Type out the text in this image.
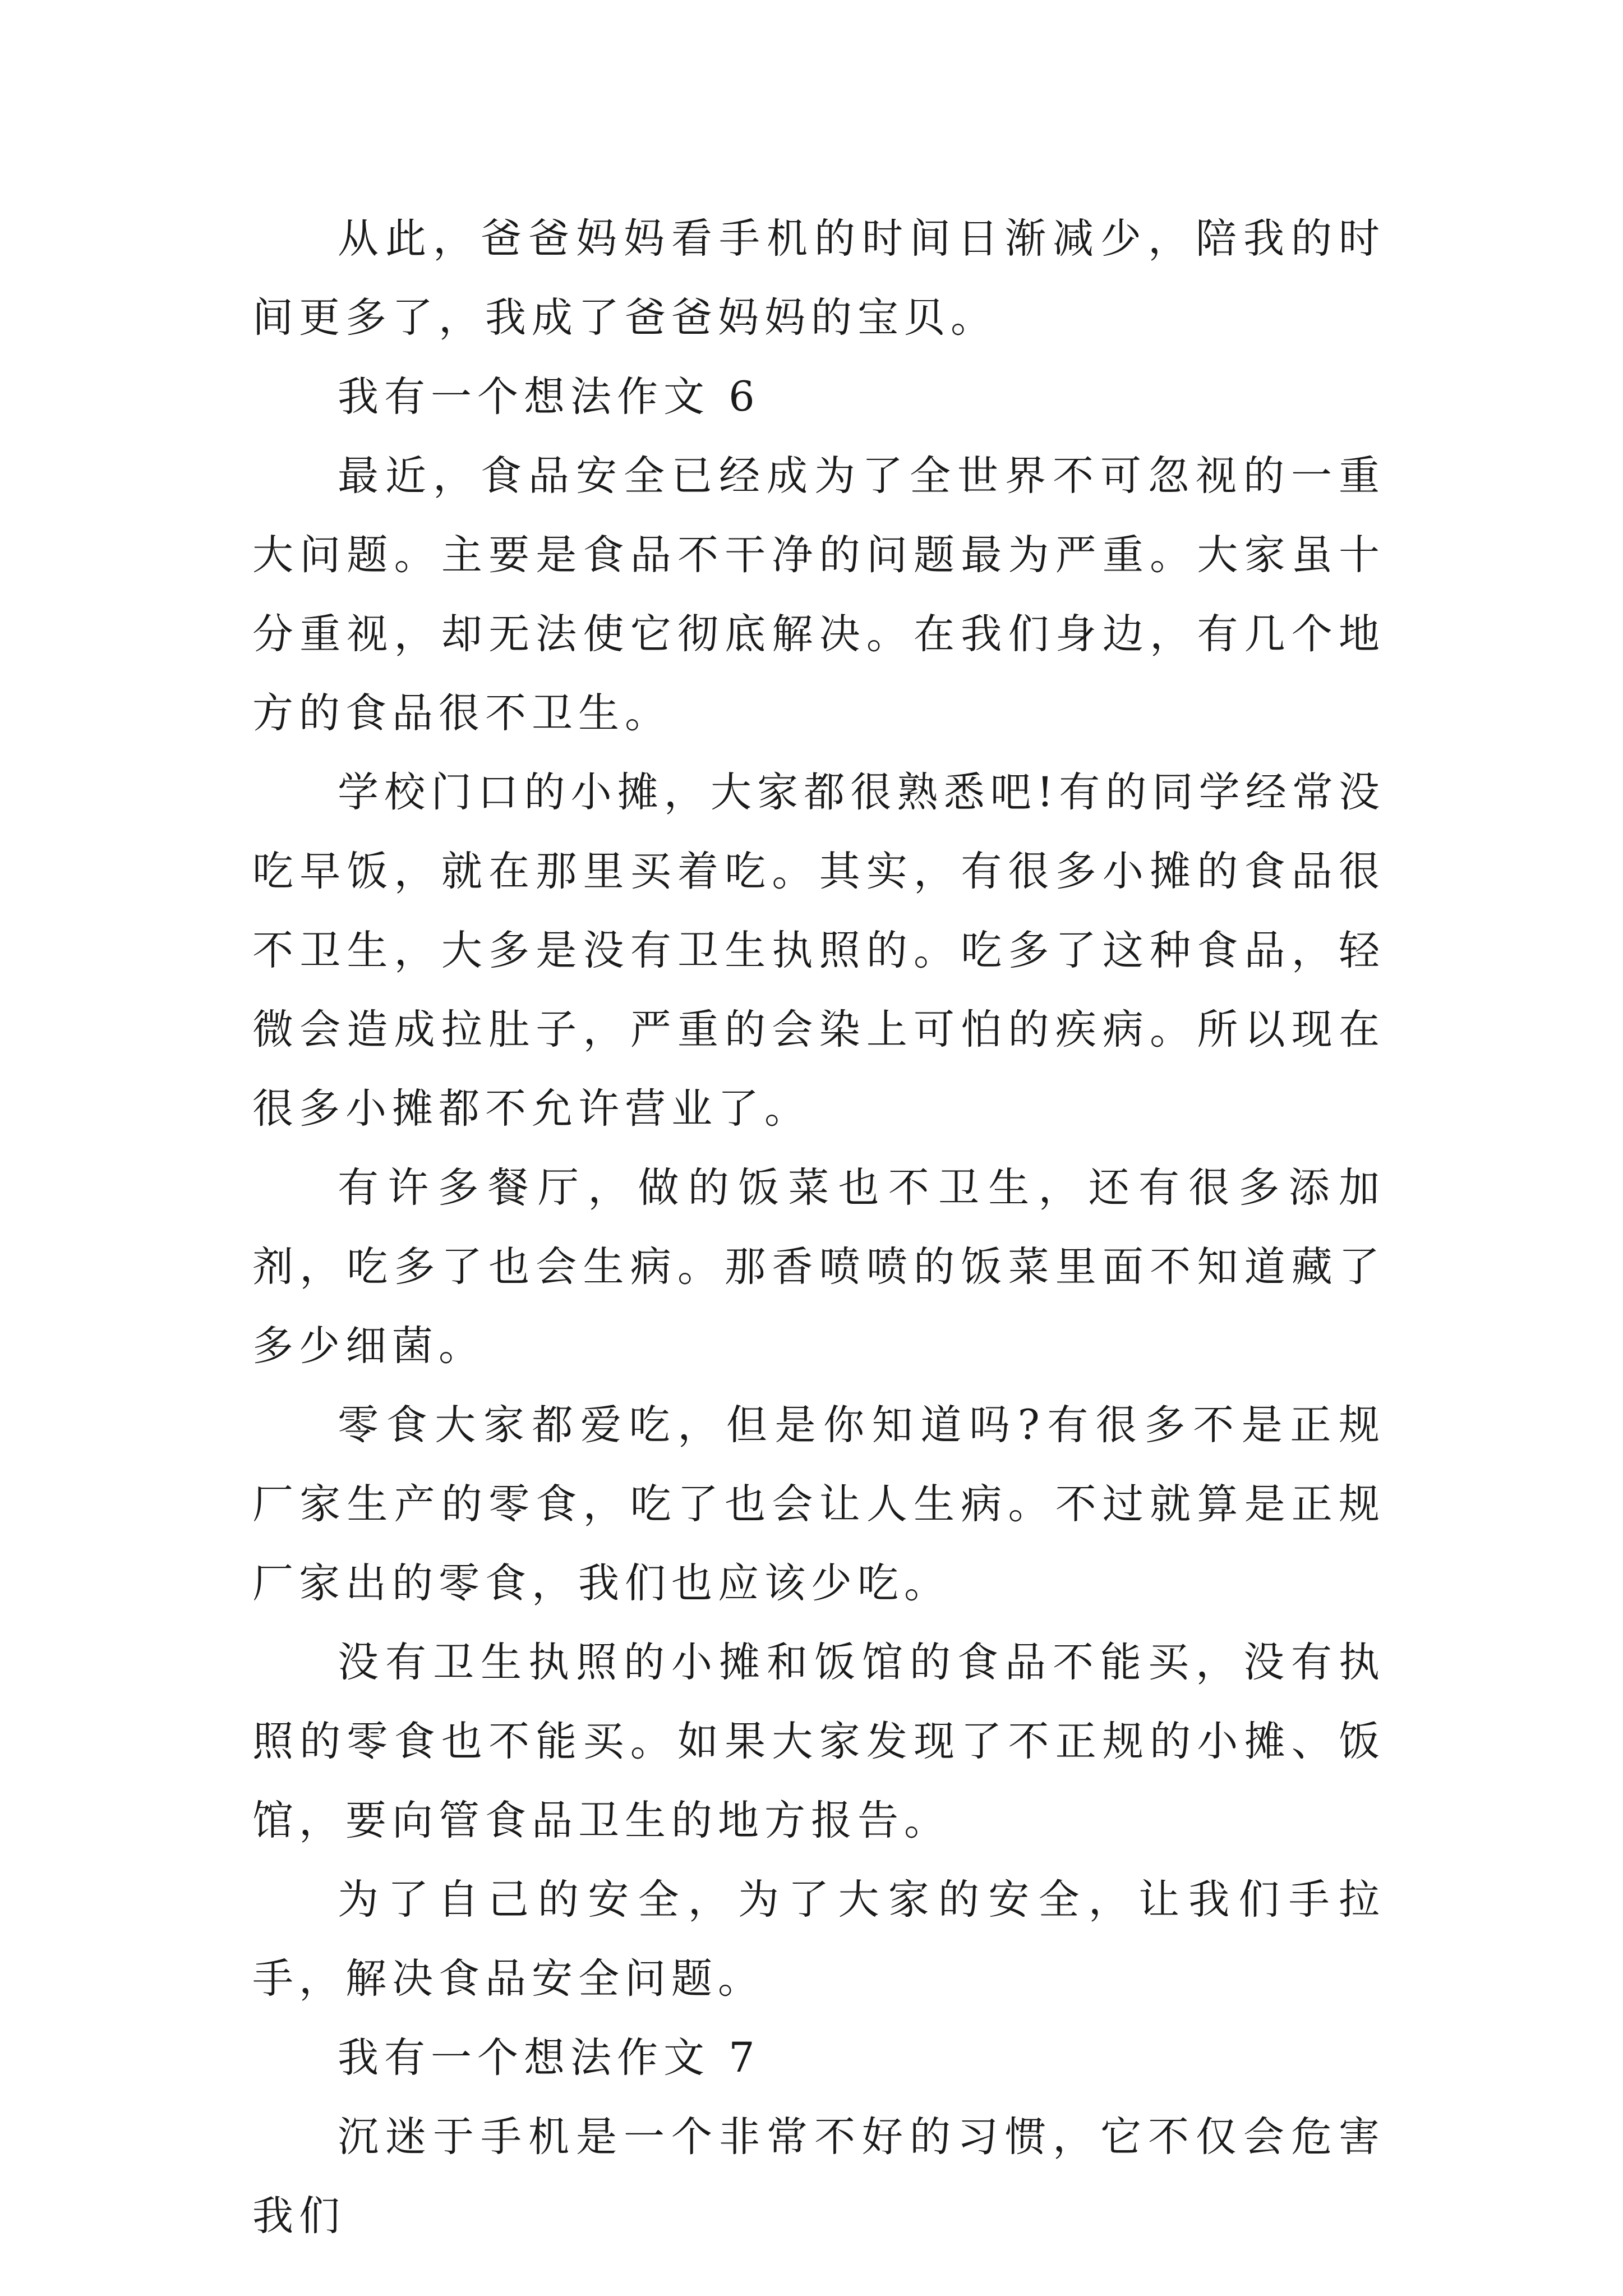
从此，爸爸妈妈看手机的时间日渐减少，陪我的时间更多了，我成了爸爸妈妈的宝贝。

我有一个想法作文 6

最近，食品安全已经成为了全世界不可忽视的一重大问题。主要是食品不干净的问题最为严重。大家虽十分重视，却无法使它彻底解决。在我们身边，有几个地方的食品很不卫生。

学校门口的小摊，大家都很熟悉吧!有的同学经常没吃早饭，就在那里买着吃。其实，有很多小摊的食品很不卫生，大多是没有卫生执照的。吃多了这种食品，轻微会造成拉肚子，严重的会染上可怕的疾病。所以现在很多小摊都不允许营业了。

有许多餐厅，做的饭菜也不卫生，还有很多添加剂，吃多了也会生病。那香喷喷的饭菜里面不知道藏了多少细菌。

零食大家都爱吃，但是你知道吗?有很多不是正规厂家生产的零食，吃了也会让人生病。不过就算是正规厂家出的零食，我们也应该少吃。

没有卫生执照的小摊和饭馆的食品不能买，没有执照的零食也不能买。如果大家发现了不正规的小摊、饭馆，要向管食品卫生的地方报告。

为了自己的安全，为了大家的安全，让我们手拉手，解决食品安全问题。

我有一个想法作文 7

沉迷于手机是一个非常不好的习惯，它不仅会危害我们
